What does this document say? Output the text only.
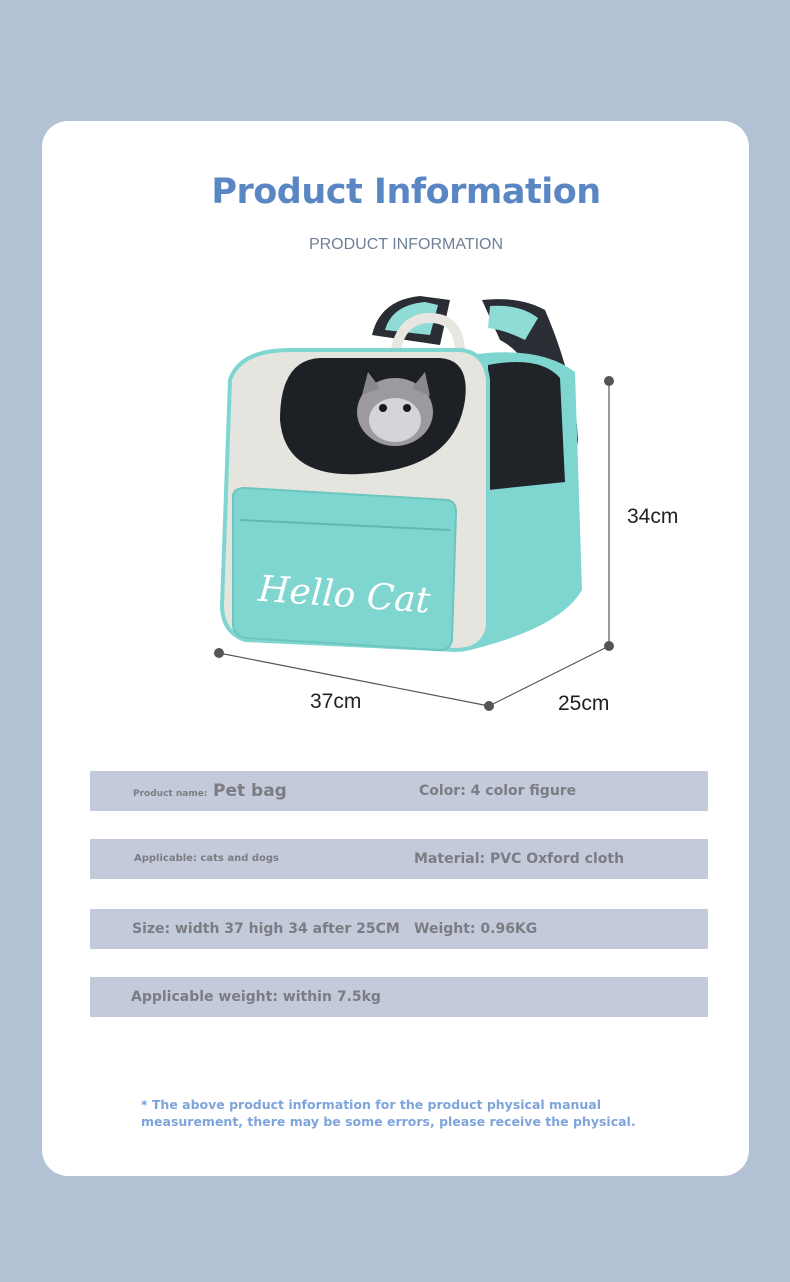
Product Information
PRODUCT INFORMATION
Hello Cat
34cm
37cm	25cm
Product name: Pet bag	Color: 4 color figure
Applicable: cats and dogs	Material: PVC Oxford cloth
Size: width 37 high 34 after 25CM Weight: 0.96KG
Applicable weight: within 7.5kg
* The above product information for the product physical manual measurement, there may be some errors, please receive the physical.
